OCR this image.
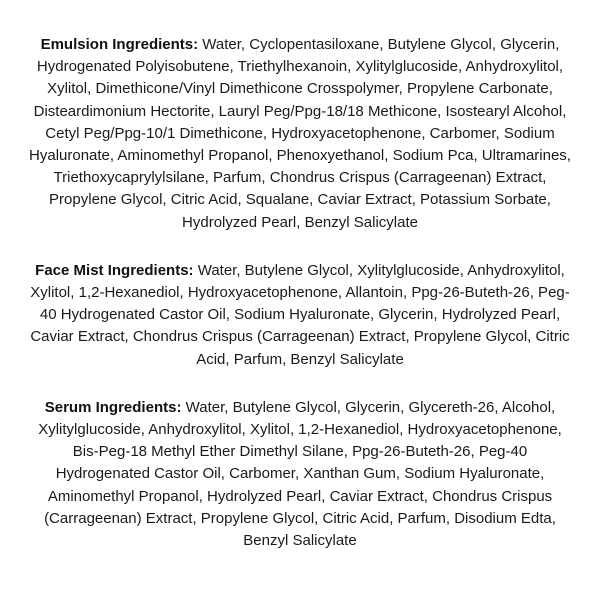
Emulsion Ingredients: Water, Cyclopentasiloxane, Butylene Glycol, Glycerin, Hydrogenated Polyisobutene, Triethylhexanoin, Xylitylglucoside, Anhydroxylitol, Xylitol, Dimethicone/Vinyl Dimethicone Crosspolymer, Propylene Carbonate, Disteardimonium Hectorite, Lauryl Peg/Ppg-18/18 Methicone, Isostearyl Alcohol, Cetyl Peg/Ppg-10/1 Dimethicone, Hydroxyacetophenone, Carbomer, Sodium Hyaluronate, Aminomethyl Propanol, Phenoxyethanol, Sodium Pca, Ultramarines, Triethoxycaprylylsilane, Parfum, Chondrus Crispus (Carrageenan) Extract, Propylene Glycol, Citric Acid, Squalane, Caviar Extract, Potassium Sorbate, Hydrolyzed Pearl, Benzyl Salicylate

Face Mist Ingredients: Water, Butylene Glycol, Xylitylglucoside, Anhydroxylitol, Xylitol, 1,2-Hexanediol, Hydroxyacetophenone, Allantoin, Ppg-26-Buteth-26, Peg-40 Hydrogenated Castor Oil, Sodium Hyaluronate, Glycerin, Hydrolyzed Pearl, Caviar Extract, Chondrus Crispus (Carrageenan) Extract, Propylene Glycol, Citric Acid, Parfum, Benzyl Salicylate

Serum Ingredients: Water, Butylene Glycol, Glycerin, Glycereth-26, Alcohol, Xylitylglucoside, Anhydroxylitol, Xylitol, 1,2-Hexanediol, Hydroxyacetophenone, Bis-Peg-18 Methyl Ether Dimethyl Silane, Ppg-26-Buteth-26, Peg-40 Hydrogenated Castor Oil, Carbomer, Xanthan Gum, Sodium Hyaluronate, Aminomethyl Propanol, Hydrolyzed Pearl, Caviar Extract, Chondrus Crispus (Carrageenan) Extract, Propylene Glycol, Citric Acid, Parfum, Disodium Edta, Benzyl Salicylate
